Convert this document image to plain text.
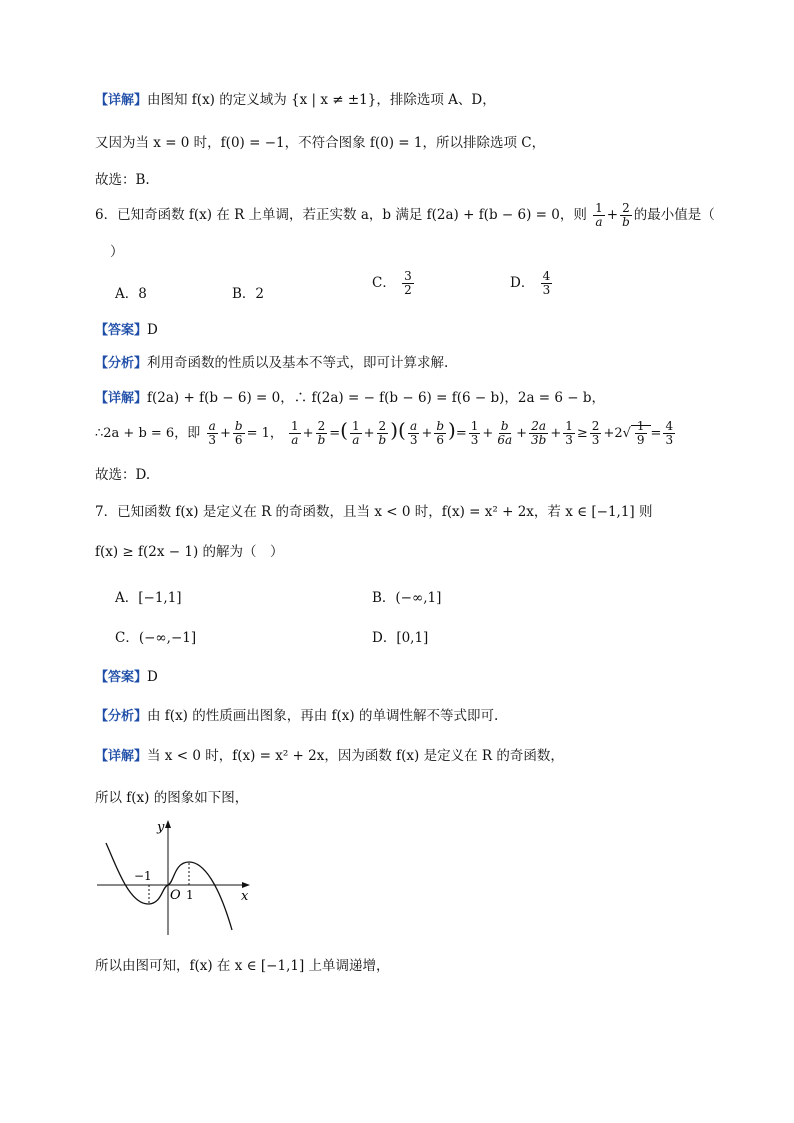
【详解】由图知 f(x) 的定义域为 {x | x ≠ ±1}，排除选项 A、D，
又因为当 x = 0 时，f(0) = −1，不符合图象 f(0) = 1，所以排除选项 C，
故选：B.
6．已知奇函数 f(x) 在 R 上单调，若正实数 a，b 满足 f(2a) + f(b − 6) = 0，则 $\frac{1}{a} + \frac{2}{b}$ 的最小值是（
）
A．8	B．2
C． $\frac{3}{2}$	D． $\frac{4}{3}$
【答案】D
【分析】利用奇函数的性质以及基本不等式，即可计算求解.
【详解】f(2a) + f(b − 6) = 0，∴ f(2a) = − f(b − 6) = f(6 − b)，2a = 6 − b，
∴2a + b = 6，即 $\frac{a}{3} + \frac{b}{6} = 1$， $\frac{1}{a} + \frac{2}{b}$ =( $\frac{1}{a} + \frac{2}{b}$ )( $\frac{a}{3} + \frac{b}{6}$ )= $\frac{1}{3} + \frac{b}{6a} + \frac{2a}{3b} + \frac{1}{3} \ge \frac{2}{3} +2√ \frac{1}{9} = \frac{4}{3}$
故选：D.
7．已知函数 f(x) 是定义在 R 的奇函数，且当 x < 0 时，f(x) = x² + 2x，若 x ∈ [−1,1] 则
f(x) ≥ f(2x − 1) 的解为（　）
A．[−1,1]	B．(−∞,1]
C．(−∞,−1]	D．[0,1]
【答案】D
【分析】由 f(x) 的性质画出图象，再由 f(x) 的单调性解不等式即可.
【详解】当 x < 0 时，f(x) = x² + 2x，因为函数 f(x) 是定义在 R 的奇函数，
所以 f(x) 的图象如下图，
y
x
O
−1
1
所以由图可知，f(x) 在 x ∈ [−1,1] 上单调递增，
